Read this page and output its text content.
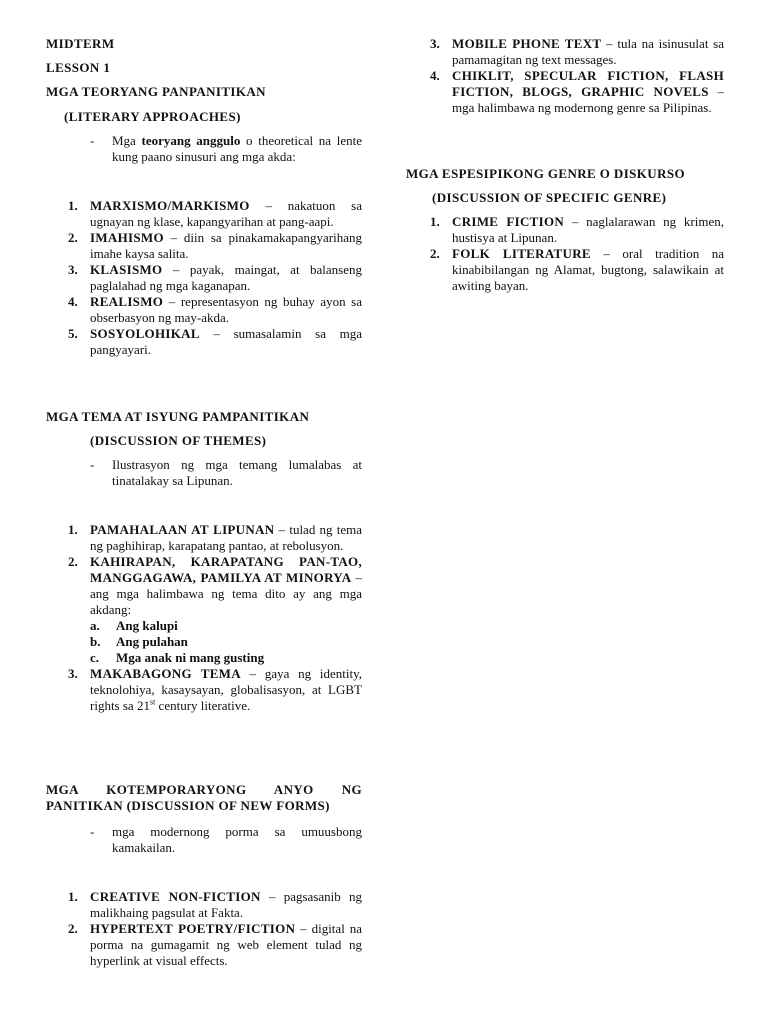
MIDTERM
LESSON 1
MGA TEORYANG PANPANITIKAN
(LITERARY APPROACHES)
- Mga teoryang anggulo o theoretical na lente kung paano sinusuri ang mga akda:
1. MARXISMO/MARKISMO – nakatuon sa ugnayan ng klase, kapangyarihan at pang-aapi.
2. IMAHISMO – diin sa pinakamakapangyarihang imahe kaysa salita.
3. KLASISMO – payak, maingat, at balanseng paglalahad ng mga kaganapan.
4. REALISMO – representasyon ng buhay ayon sa obserbasyon ng may-akda.
5. SOSYOLOHIKAL – sumasalamin sa mga pangyayari.
MGA TEMA AT ISYUNG PAMPANITIKAN
(DISCUSSION OF THEMES)
- Ilustrasyon ng mga temang lumalabas at tinatalakay sa Lipunan.
1. PAMAHALAAN AT LIPUNAN – tulad ng tema ng paghihirap, karapatang pantao, at rebolusyon.
2. KAHIRAPAN, KARAPATANG PAN-TAO, MANGGAGAWA, PAMILYA AT MINORYA – ang mga halimbawa ng tema dito ay ang mga akdang:
a. Ang kalupi
b. Ang pulahan
c. Mga anak ni mang gusting
3. MAKABAGONG TEMA – gaya ng identity, teknolohiya, kasaysayan, globalisasyon, at LGBT rights sa 21st century literative.
MGA KOTEMPORARYONG ANYO NG PANITIKAN (DISCUSSION OF NEW FORMS)
- mga modernong porma sa umuusbong kamakailan.
1. CREATIVE NON-FICTION – pagsasanib ng malikhaing pagsulat at Fakta.
2. HYPERTEXT POETRY/FICTION – digital na porma na gumagamit ng web element tulad ng hyperlink at visual effects.
3. MOBILE PHONE TEXT – tula na isinusulat sa pamamagitan ng text messages.
4. CHIKLIT, SPECULAR FICTION, FLASH FICTION, BLOGS, GRAPHIC NOVELS – mga halimbawa ng modernong genre sa Pilipinas.
MGA ESPESIPIKONG GENRE O DISKURSO
(DISCUSSION OF SPECIFIC GENRE)
1. CRIME FICTION – naglalarawan ng krimen, hustisya at Lipunan.
2. FOLK LITERATURE – oral tradition na kinabibilangan ng Alamat, bugtong, salawikain at awiting bayan.
